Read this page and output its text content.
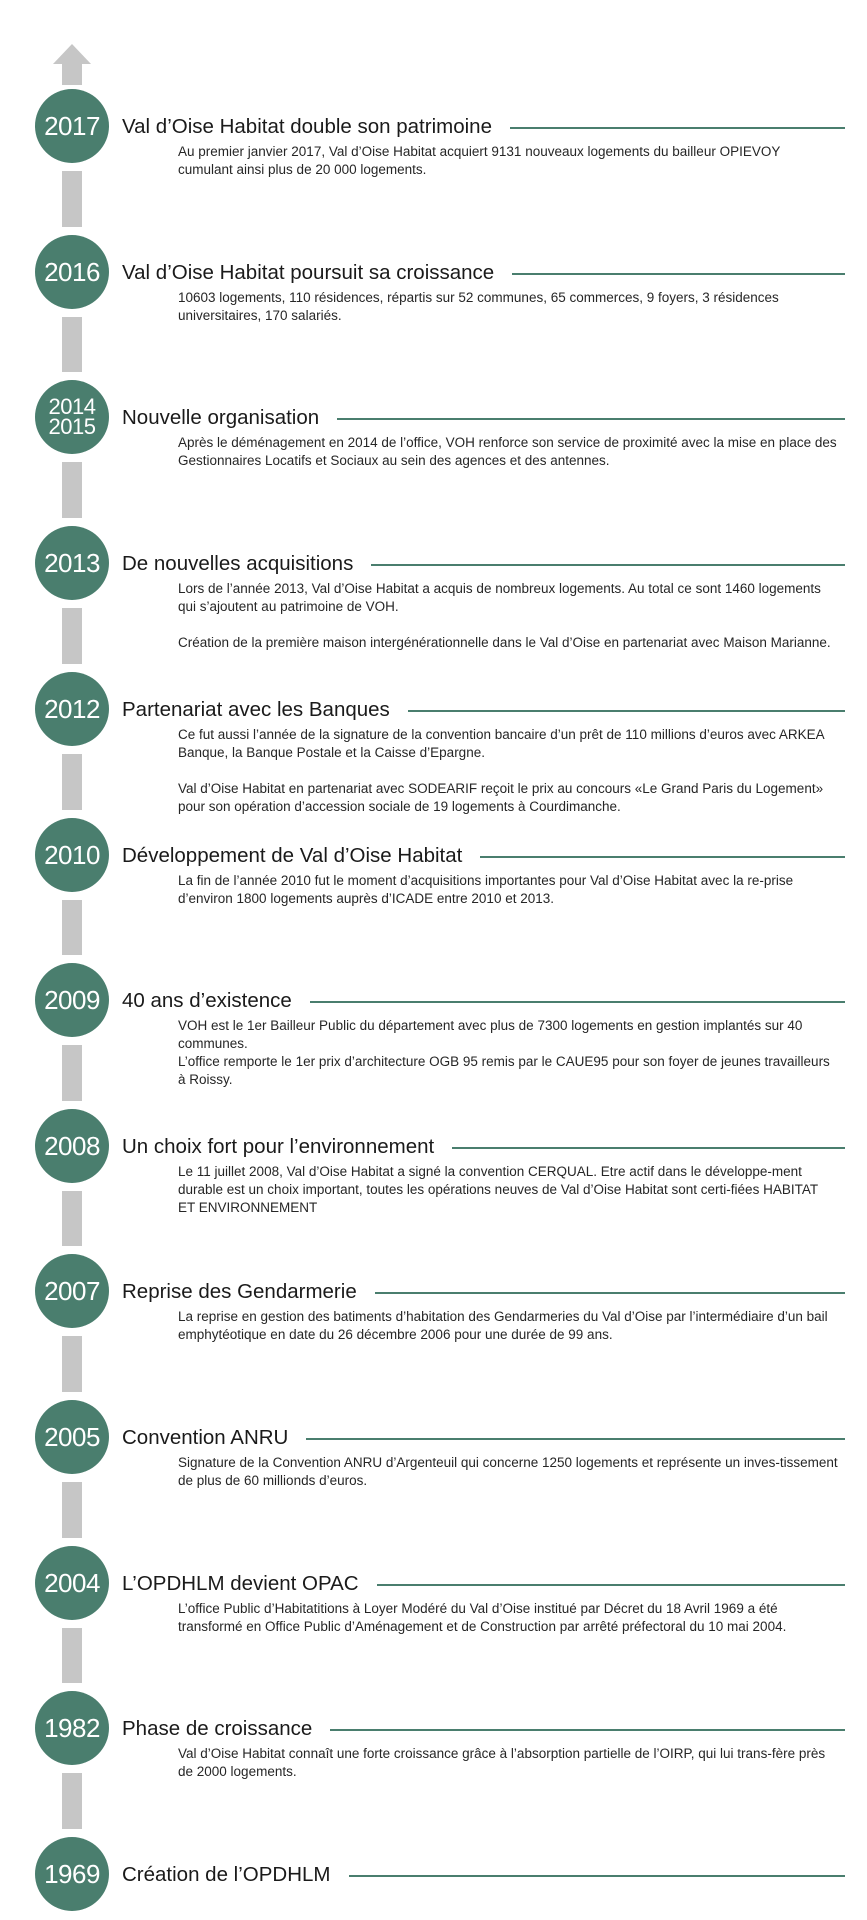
2017	Val d’Oise Habitat double son patrimoine

Au premier janvier 2017, Val d’Oise Habitat acquiert 9131 nouveaux logements du bailleur OPIEVOY cumulant ainsi plus de 20 000 logements.

2016	Val d’Oise Habitat poursuit sa croissance

10603 logements, 110 résidences, répartis sur 52 communes, 65 commerces, 9 foyers, 3 résidences universitaires, 170 salariés.

2014
2015	Nouvelle organisation

Après le déménagement en 2014 de l’office, VOH renforce son service de proximité avec la mise en place des Gestionnaires Locatifs et Sociaux au sein des agences et des antennes.

2013	De nouvelles acquisitions

Lors de l’année 2013, Val d’Oise Habitat a acquis de nombreux logements. Au total ce sont 1460 logements qui s’ajoutent au patrimoine de VOH.

Création de la première maison intergénérationnelle dans le Val d’Oise en partenariat avec Maison Marianne.

2012	Partenariat avec les Banques

Ce fut aussi l’année de la signature de la convention bancaire d’un prêt de 110 millions d’euros avec ARKEA Banque, la Banque Postale et la Caisse d’Epargne.

Val d’Oise Habitat en partenariat avec SODEARIF reçoit le prix au concours «Le Grand Paris du Logement» pour son opération d’accession sociale de 19 logements à Courdimanche.

2010	Développement de Val d’Oise Habitat

La fin de l’année 2010 fut le moment d’acquisitions importantes pour Val d’Oise Habitat avec la re-prise d’environ 1800 logements auprès d’ICADE entre 2010 et 2013.

2009	40 ans d’existence

VOH est le 1er Bailleur Public du département avec plus de 7300 logements en gestion implantés sur 40 communes.

L’office remporte le 1er prix d’architecture OGB 95 remis par le CAUE95 pour son foyer de jeunes travailleurs à Roissy.

2008	Un choix fort pour l’environnement

Le 11 juillet 2008, Val d’Oise Habitat a signé la convention CERQUAL. Etre actif dans le développe-ment durable est un choix important, toutes les opérations neuves de Val d’Oise Habitat sont certi-fiées HABITAT ET ENVIRONNEMENT

2007	Reprise des Gendarmerie

La reprise en gestion des batiments d’habitation des Gendarmeries du Val d’Oise par l’intermédiaire d’un bail emphytéotique en date du 26 décembre 2006 pour une durée de 99 ans.

2005	Convention ANRU

Signature de la Convention ANRU d’Argenteuil qui concerne 1250 logements et représente un inves-tissement de plus de 60 millionds d’euros.

2004	L’OPDHLM devient OPAC

L’office Public d’Habitatitions à Loyer Modéré du Val d’Oise institué par Décret du 18 Avril 1969 a été transformé en Office Public d’Aménagement et de Construction par arrêté préfectoral du 10 mai 2004.

1982	Phase de croissance

Val d’Oise Habitat connaît une forte croissance grâce à l’absorption partielle de l’OIRP, qui lui trans-fère près de 2000 logements.

1969	Création de l’OPDHLM
